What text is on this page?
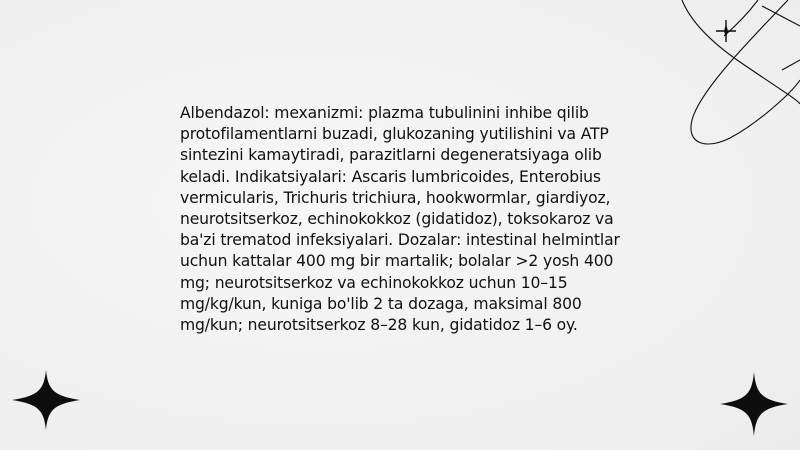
Albendazol: mexanizmi: plazma tubulinini inhibe qilib protofilamentlarni buzadi, glukozaning yutilishini va ATP sintezini kamaytiradi, parazitlarni degeneratsiyaga olib keladi. Indikatsiyalari: Ascaris lumbricoides, Enterobius vermicularis, Trichuris trichiura, hookwormlar, giardiyoz, neurotsitserkoz, echinokokkoz (gidatidoz), toksokaroz va ba'zi trematod infeksiyalari. Dozalar: intestinal helmintlar uchun kattalar 400 mg bir martalik; bolalar >2 yosh 400 mg; neurotsitserkoz va echinokokkoz uchun 10–15 mg/kg/kun, kuniga bo'lib 2 ta dozaga, maksimal 800 mg/kun; neurotsitserkoz 8–28 kun, gidatidoz 1–6 oy.
